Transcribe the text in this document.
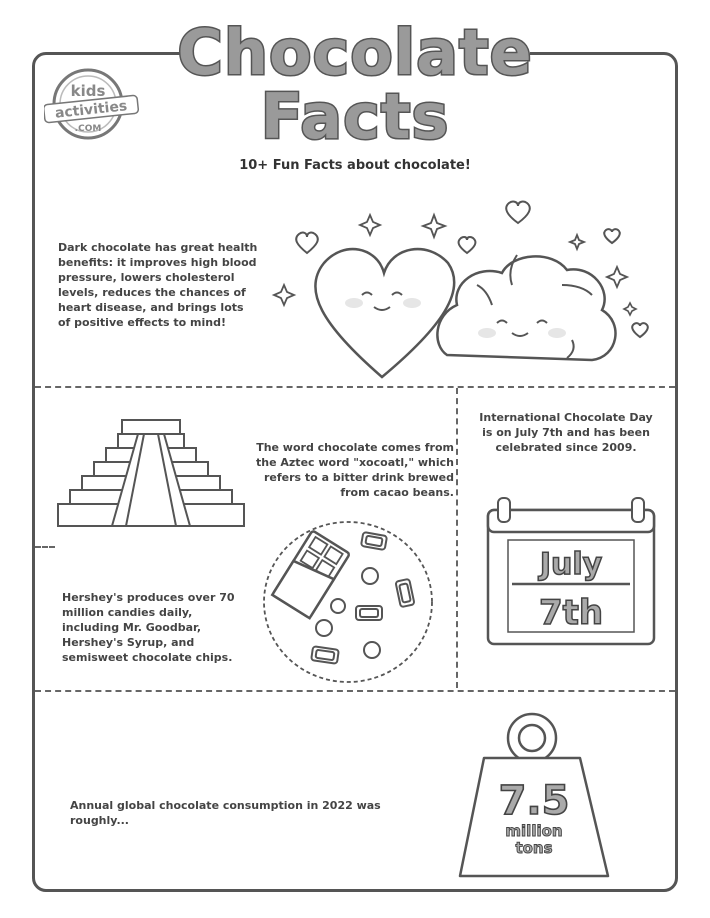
Chocolate
Facts
10+ Fun Facts about chocolate!
kids
activities
.COM
Dark chocolate has great health benefits: it improves high blood pressure, lowers cholesterol levels, reduces the chances of heart disease, and brings lots of positive effects to mind!
The word chocolate comes from the Aztec word "xocoatl," which refers to a bitter drink brewed from cacao beans.
International Chocolate Day is on July 7th and has been celebrated since 2009.
July
7th
Hershey's produces over 70 million candies daily, including Mr. Goodbar, Hershey's Syrup, and semisweet chocolate chips.
Annual global chocolate consumption in 2022 was roughly...	7.5
million
tons
